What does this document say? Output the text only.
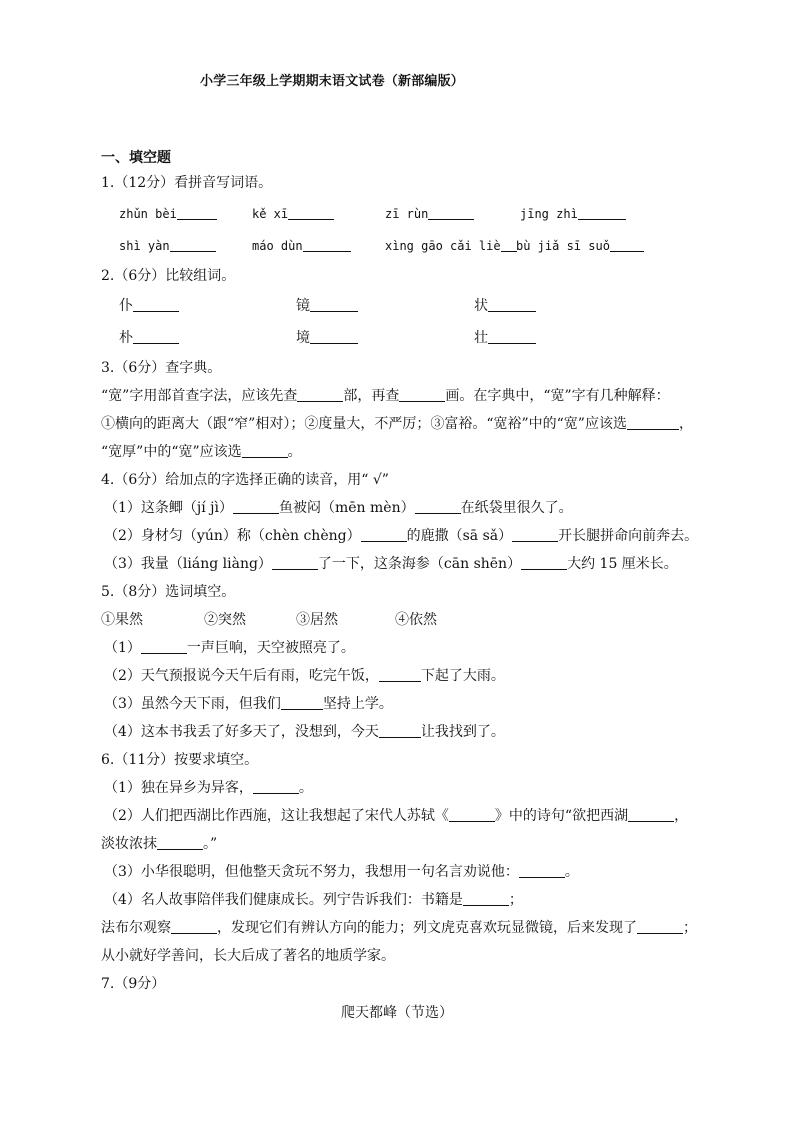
小学三年级上学期期末语文试卷（新部编版）
一、填空题
1.（12分）看拼音写词语。
zhǔn bèi	kě xī	zī rùn	jīng zhì
shì yàn	máo dùn	xìng gāo cǎi liè	bù jiǎ sī suǒ
2.（6分）比较组词。
仆	镜	状
朴	境	壮
3.（6分）查字典。
“宽”字用部首查字法，应该先查	部，再查	画。在字典中，“宽”字有几种解释：
①横向的距离大（跟“窄”相对）；②度量大，不严厉；③富裕。“宽裕”中的“宽”应该选	，
“宽厚”中的“宽”应该选	。
4.（6分）给加点的字选择正确的读音，用“ √”
（1）这条鲫（jí jì）	鱼被闷（mēn mèn）	在纸袋里很久了。
（2）身材匀（yún）称（chèn chèng）	的鹿撒（sā sǎ）	开长腿拼命向前奔去。
（3）我量（liáng liàng）	了一下，这条海参（cān shēn）	大约 15 厘米长。
5.（8分）选词填空。
①果然	②突然	③居然	④依然
（1）	一声巨响，天空被照亮了。
（2）天气预报说今天午后有雨，吃完午饭，	下起了大雨。
（3）虽然今天下雨，但我们	坚持上学。
（4）这本书我丢了好多天了，没想到，今天	让我找到了。
6.（11分）按要求填空。
（1）独在异乡为异客，	。
（2）人们把西湖比作西施，这让我想起了宋代人苏轼《	》中的诗句“欲把西湖	，
淡妆浓抹	。”
（3）小华很聪明，但他整天贪玩不努力，我想用一句名言劝说他：	。
（4）名人故事陪伴我们健康成长。列宁告诉我们：书籍是	；
法布尔观察	，发现它们有辨认方向的能力；列文虎克喜欢玩显微镜，后来发现了	；
从小就好学善问，长大后成了著名的地质学家。
7.（9分）
爬天都峰（节选）
